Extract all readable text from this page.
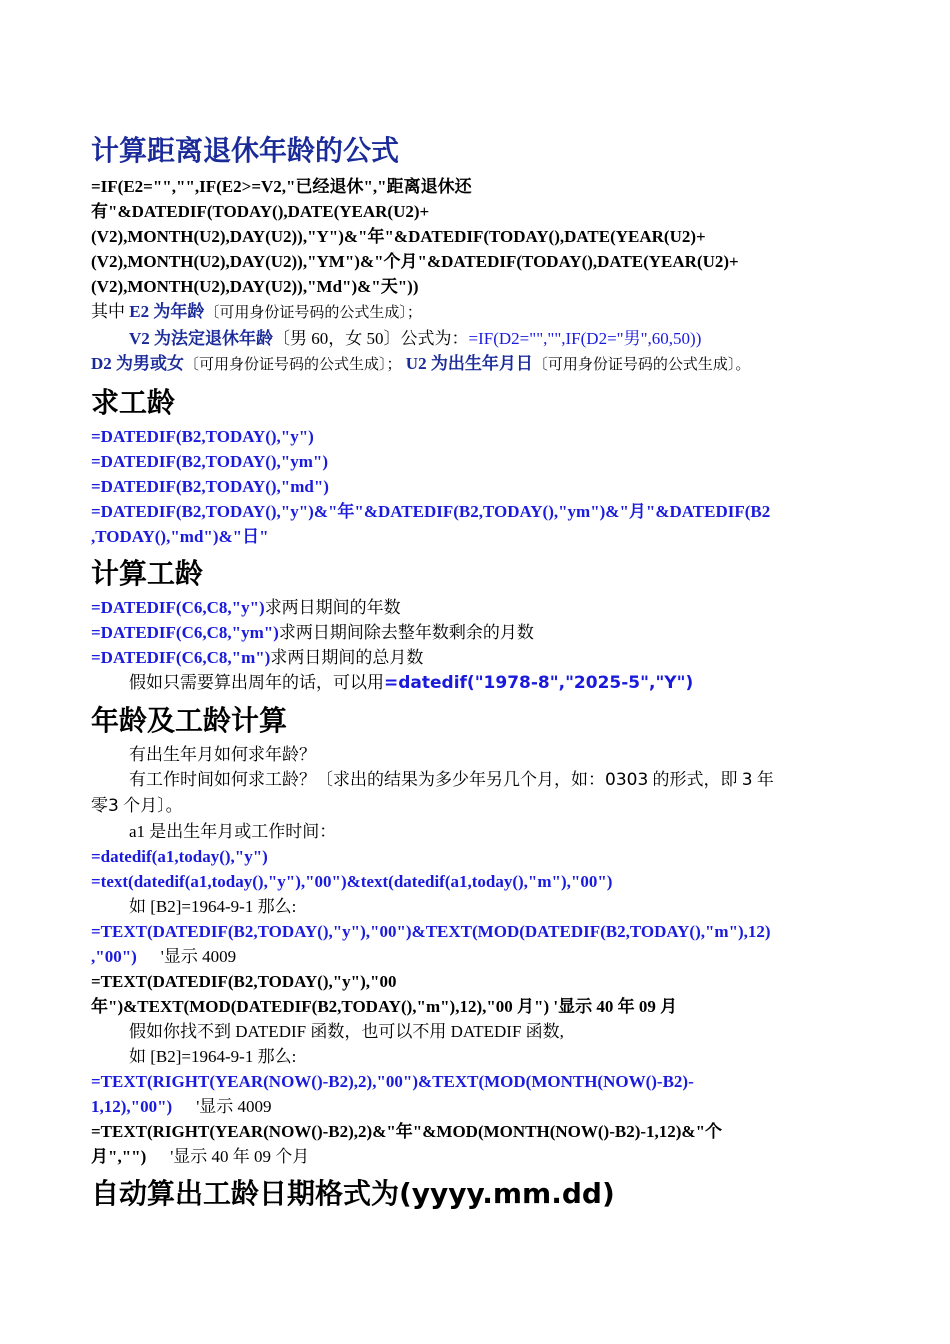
计算距离退休年龄的公式

=IF(E2="","",IF(E2>=V2,"已经退休","距离退休还

有"&DATEDIF(TODAY(),DATE(YEAR(U2)+

(V2),MONTH(U2),DAY(U2)),"Y")&"年"&DATEDIF(TODAY(),DATE(YEAR(U2)+

(V2),MONTH(U2),DAY(U2)),"YM")&"个月"&DATEDIF(TODAY(),DATE(YEAR(U2)+

(V2),MONTH(U2),DAY(U2)),"Md")&"天"))

其中 E2 为年龄〔可用身份证号码的公式生成〕；

V2 为法定退休年龄〔男 60，女 50〕公式为：=IF(D2="","",IF(D2="男",60,50))

D2 为男或女〔可用身份证号码的公式生成〕； U2 为出生年月日〔可用身份证号码的公式生成〕。

求工龄

=DATEDIF(B2,TODAY(),"y")

=DATEDIF(B2,TODAY(),"ym")

=DATEDIF(B2,TODAY(),"md")

=DATEDIF(B2,TODAY(),"y")&"年"&DATEDIF(B2,TODAY(),"ym")&"月"&DATEDIF(B2

,TODAY(),"md")&"日"

计算工龄

=DATEDIF(C6,C8,"y")求两日期间的年数

=DATEDIF(C6,C8,"ym")求两日期间除去整年数剩余的月数

=DATEDIF(C6,C8,"m")求两日期间的总月数

假如只需要算出周年的话，可以用=datedif("1978-8","2025-5","Y")

年龄及工龄计算

有出生年月如何求年龄？

有工作时间如何求工龄？〔求出的结果为多少年另几个月，如：0303 的形式，即 3 年

零3 个月〕。

a1 是出生年月或工作时间：

=datedif(a1,today(),"y")

=text(datedif(a1,today(),"y"),"00")&text(datedif(a1,today(),"m"),"00")

如 [B2]=1964-9-1 那么:

=TEXT(DATEDIF(B2,TODAY(),"y"),"00")&TEXT(MOD(DATEDIF(B2,TODAY(),"m"),12)

,"00") '显示 4009

=TEXT(DATEDIF(B2,TODAY(),"y"),"00

年")&TEXT(MOD(DATEDIF(B2,TODAY(),"m"),12),"00 月") '显示 40 年 09 月

假如你找不到 DATEDIF 函数，也可以不用 DATEDIF 函数,

如 [B2]=1964-9-1 那么:

=TEXT(RIGHT(YEAR(NOW()-B2),2),"00")&TEXT(MOD(MONTH(NOW()-B2)-

1,12),"00") '显示 4009

=TEXT(RIGHT(YEAR(NOW()-B2),2)&"年"&MOD(MONTH(NOW()-B2)-1,12)&"个

月","") '显示 40 年 09 个月

自动算出工龄日期格式为(yyyy.mm.dd)
